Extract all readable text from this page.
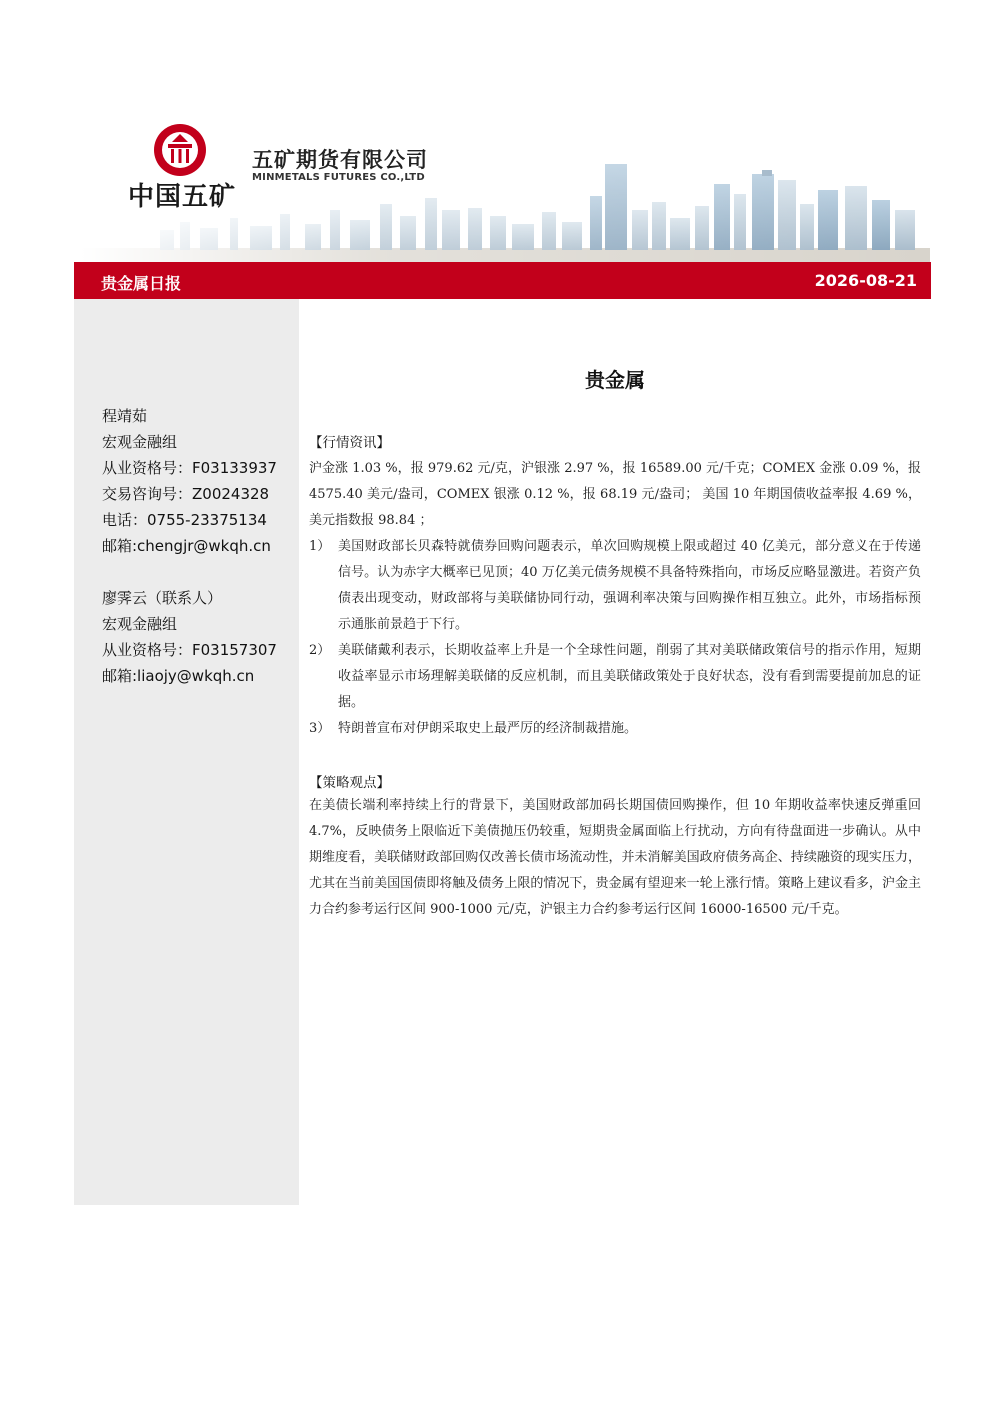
中国五矿
五矿期货有限公司
MINMETALS FUTURES CO.,LTD
贵金属日报	2026-08-21
程靖茹
宏观金融组
从业资格号：F03133937
交易咨询号：Z0024328
电话：0755-23375134
邮箱:chengjr@wkqh.cn
廖霁云（联系人）
宏观金融组
从业资格号：F03157307
邮箱:liaojy@wkqh.cn
贵金属
【行情资讯】
沪金涨 1.03 %，报 979.62 元/克，沪银涨 2.97 %，报 16589.00 元/千克；COMEX 金涨 0.09 %，报 4575.40 美元/盎司，COMEX 银涨 0.12 %，报 68.19 元/盎司； 美国 10 年期国债收益率报 4.69 %，美元指数报 98.84 ；
1） 美国财政部长贝森特就债券回购问题表示，单次回购规模上限或超过 40 亿美元，部分意义在于传递信号。认为赤字大概率已见顶；40 万亿美元债务规模不具备特殊指向，市场反应略显激进。若资产负债表出现变动，财政部将与美联储协同行动，强调利率决策与回购操作相互独立。此外，市场指标预示通胀前景趋于下行。
2） 美联储戴利表示，长期收益率上升是一个全球性问题，削弱了其对美联储政策信号的指示作用，短期收益率显示市场理解美联储的反应机制，而且美联储政策处于良好状态，没有看到需要提前加息的证据。
3） 特朗普宣布对伊朗采取史上最严厉的经济制裁措施。
【策略观点】
在美债长端利率持续上行的背景下，美国财政部加码长期国债回购操作，但 10 年期收益率快速反弹重回 4.7%，反映债务上限临近下美债抛压仍较重，短期贵金属面临上行扰动，方向有待盘面进一步确认。从中期维度看，美联储财政部回购仅改善长债市场流动性，并未消解美国政府债务高企、持续融资的现实压力，尤其在当前美国国债即将触及债务上限的情况下，贵金属有望迎来一轮上涨行情。策略上建议看多，沪金主力合约参考运行区间 900-1000 元/克，沪银主力合约参考运行区间 16000-16500 元/千克。
